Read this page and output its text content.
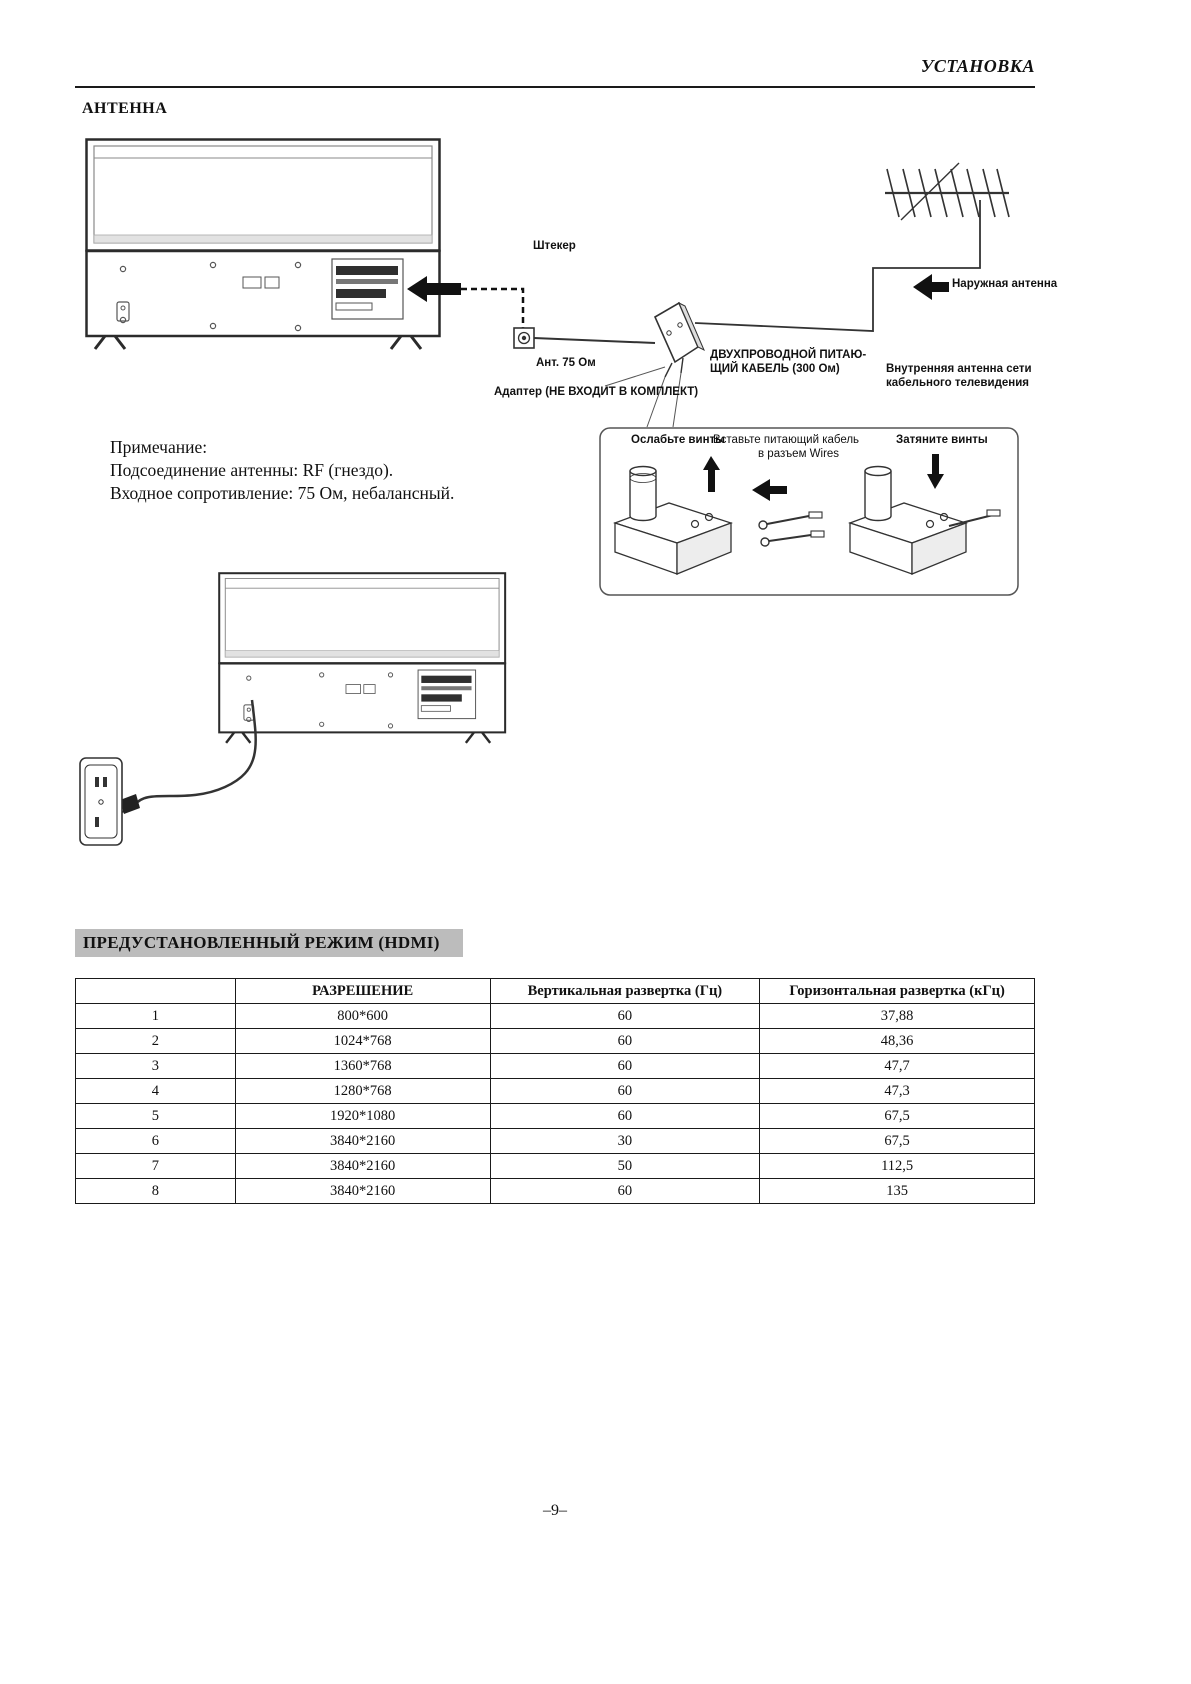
УСТАНОВКА
АНТЕННА
Штекер
Ант. 75 Ом
Адаптер (НЕ ВХОДИТ В КОМПЛЕКТ)
ДВУХПРОВОДНОЙ ПИТАЮ-
ЩИЙ КАБЕЛЬ (300 Ом)
Наружная антенна
Внутренняя антенна сети
кабельного телевидения
Ослабьте винты
Вставьте питающий кабель
в разъем Wires
Затяните винты
Примечание:
Подсоединение антенны: RF (гнездо).
Входное сопротивление: 75 Ом, небалансный.
ПРЕДУСТАНОВЛЕННЫЙ РЕЖИМ (HDMI)
	РАЗРЕШЕНИЕ	Вертикальная развертка (Гц)	Горизонтальная развертка (кГц)
1	800*600	60	37,88
2	1024*768	60	48,36
3	1360*768	60	47,7
4	1280*768	60	47,3
5	1920*1080	60	67,5
6	3840*2160	30	67,5
7	3840*2160	50	112,5
8	3840*2160	60	135
–9–
